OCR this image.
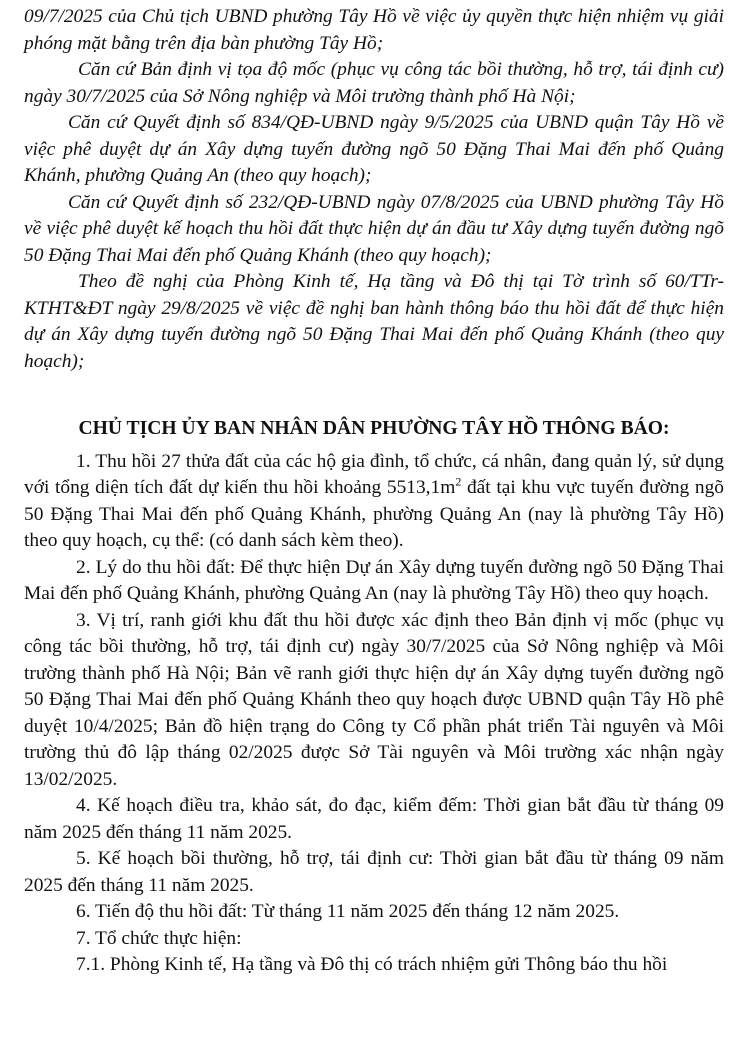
09/7/2025 của Chủ tịch UBND phường Tây Hồ về việc ủy quyền thực hiện nhiệm vụ giải phóng mặt bằng trên địa bàn phường Tây Hồ;

Căn cứ Bản định vị tọa độ mốc (phục vụ công tác bồi thường, hỗ trợ, tái định cư) ngày 30/7/2025 của Sở Nông nghiệp và Môi trường thành phố Hà Nội;

Căn cứ Quyết định số 834/QĐ-UBND ngày 9/5/2025 của UBND quận Tây Hồ về việc phê duyệt dự án Xây dựng tuyến đường ngõ 50 Đặng Thai Mai đến phố Quảng Khánh, phường Quảng An (theo quy hoạch);

Căn cứ Quyết định số 232/QĐ-UBND ngày 07/8/2025 của UBND phường Tây Hồ về việc phê duyệt kế hoạch thu hồi đất thực hiện dự án đầu tư Xây dựng tuyến đường ngõ 50 Đặng Thai Mai đến phố Quảng Khánh (theo quy hoạch);

Theo đề nghị của Phòng Kinh tế, Hạ tầng và Đô thị tại Tờ trình số 60/TTr-KTHT&ĐT ngày 29/8/2025 về việc đề nghị ban hành thông báo thu hồi đất để thực hiện dự án Xây dựng tuyến đường ngõ 50 Đặng Thai Mai đến phố Quảng Khánh (theo quy hoạch);

CHỦ TỊCH ỦY BAN NHÂN DÂN PHƯỜNG TÂY HỒ THÔNG BÁO:

1. Thu hồi 27 thửa đất của các hộ gia đình, tổ chức, cá nhân, đang quản lý, sử dụng với tổng diện tích đất dự kiến thu hồi khoảng $5513,1m^2$ đất tại khu vực tuyến đường ngõ 50 Đặng Thai Mai đến phố Quảng Khánh, phường Quảng An (nay là phường Tây Hồ) theo quy hoạch, cụ thể: (có danh sách kèm theo).

2. Lý do thu hồi đất: Để thực hiện Dự án Xây dựng tuyến đường ngõ 50 Đặng Thai Mai đến phố Quảng Khánh, phường Quảng An (nay là phường Tây Hồ) theo quy hoạch.

3. Vị trí, ranh giới khu đất thu hồi được xác định theo Bản định vị mốc (phục vụ công tác bồi thường, hỗ trợ, tái định cư) ngày 30/7/2025 của Sở Nông nghiệp và Môi trường thành phố Hà Nội; Bản vẽ ranh giới thực hiện dự án Xây dựng tuyến đường ngõ 50 Đặng Thai Mai đến phố Quảng Khánh theo quy hoạch được UBND quận Tây Hồ phê duyệt 10/4/2025; Bản đồ hiện trạng do Công ty Cổ phần phát triển Tài nguyên và Môi trường thủ đô lập tháng 02/2025 được Sở Tài nguyên và Môi trường xác nhận ngày 13/02/2025.

4. Kế hoạch điều tra, khảo sát, đo đạc, kiểm đếm: Thời gian bắt đầu từ tháng 09 năm 2025 đến tháng 11 năm 2025.

5. Kế hoạch bồi thường, hỗ trợ, tái định cư: Thời gian bắt đầu từ tháng 09 năm 2025 đến tháng 11 năm 2025.

6. Tiến độ thu hồi đất: Từ tháng 11 năm 2025 đến tháng 12 năm 2025.

7. Tổ chức thực hiện:

7.1. Phòng Kinh tế, Hạ tầng và Đô thị có trách nhiệm gửi Thông báo thu hồi
